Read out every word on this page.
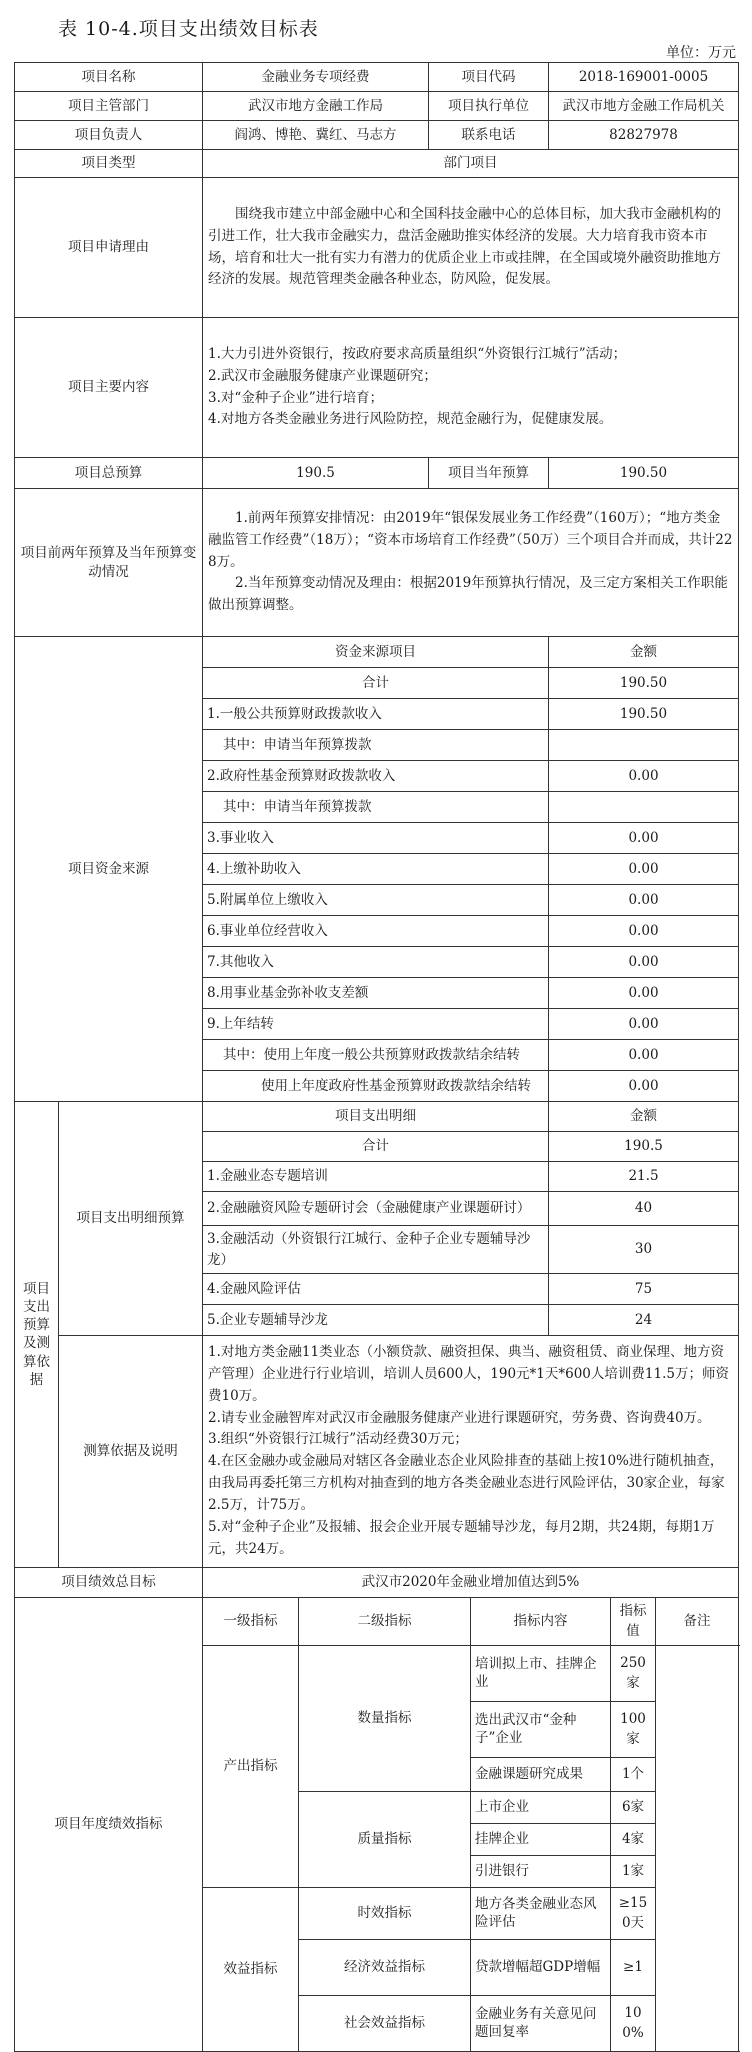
表 10-4.项目支出绩效目标表
单位：万元
项目名称		金融业务专项经费		项目代码		2018-169001-0005		
项目主管部门		武汉市地方金融工作局		项目执行单位		武汉市地方金融工作局机关		
项目负责人		阎鸿、博艳、冀红、马志方		联系电话		82827978		
项目类型		部门项目						
项目申请理由		围绕我市建立中部金融中心和全国科技金融中心的总体目标，加大我市金融机构的引进工作，壮大我市金融实力，盘活金融助推实体经济的发展。大力培育我市资本市场，培育和壮大一批有实力有潜力的优质企业上市或挂牌，在全国或境外融资助推地方经济的发展。规范管理类金融各种业态，防风险，促发展。						
项目主要内容		1.大力引进外资银行，按政府要求高质量组织“外资银行江城行”活动；
2.武汉市金融服务健康产业课题研究；
3.对“金种子企业”进行培育；
4.对地方各类金融业务进行风险防控，规范金融行为，促健康发展。						

项目总预算		190.5		项目当年预算		190.50		
项目前两年预算及当年预算变动情况		1.前两年预算安排情况：由2019年“银保发展业务工作经费”（160万）；“地方类金融监管工作经费”（18万）；“资本市场培育工作经费”（50万）三个项目合并而成，共计228万。
2.当年预算变动情况及理由：根据2019年预算执行情况，及三定方案相关工作职能做出预算调整。						

项目资金来源		资金来源项目				金额		
		合计				190.50		
		1.一般公共预算财政拨款收入				190.50		
		其中：申请当年预算拨款						
		2.政府性基金预算财政拨款收入				0.00		
		其中：申请当年预算拨款						
		3.事业收入				0.00		
		4.上缴补助收入				0.00		
		5.附属单位上缴收入				0.00		
		6.事业单位经营收入				0.00		
		7.其他收入				0.00		
		8.用事业基金弥补收支差额				0.00		
		9.上年结转				0.00		
		其中：使用上年度一般公共预算财政拨款结余结转				0.00		
		使用上年度政府性基金预算财政拨款结余结转				0.00		
项目支出预算及测算依据	项目支出明细预算	项目支出明细				金额		
		合计				190.5		
		1.金融业态专题培训				21.5		
		2.金融融资风险专题研讨会（金融健康产业课题研讨）				40		
		3.金融活动（外资银行江城行、金种子企业专题辅导沙龙）				30		
		4.金融风险评估				75		
		5.企业专题辅导沙龙				24		
	测算依据及说明	1.对地方类金融11类业态（小额贷款、融资担保、典当、融资租赁、商业保理、地方资产管理）企业进行行业培训，培训人员600人，190元*1天*600人培训费11.5万；师资费10万。
2.请专业金融智库对武汉市金融服务健康产业进行课题研究，劳务费、咨询费40万。
3.组织“外资银行江城行”活动经费30万元；
4.在区金融办或金融局对辖区各金融业态企业风险排查的基础上按10%进行随机抽查，由我局再委托第三方机构对抽查到的地方各类金融业态进行风险评估，30家企业，每家2.5万，计75万。
5.对“金种子企业”及报辅、报会企业开展专题辅导沙龙，每月2期，共24期，每期1万元，共24万。						

项目绩效总目标		武汉市2020年金融业增加值达到5%						
项目年度绩效指标		一级指标	二级指标		指标内容		指标值	备注
		产出指标	数量指标		培训拟上市、挂牌企业		250家	
					选出武汉市“金种子”企业		100家	
					金融课题研究成果		1个	
			质量指标		上市企业		6家	
					挂牌企业		4家	
					引进银行		1家	
		效益指标	时效指标		地方各类金融业态风险评估		≥150天	
			经济效益指标		贷款增幅超GDP增幅		≥1	
			社会效益指标		金融业务有关意见问题回复率		100%	
